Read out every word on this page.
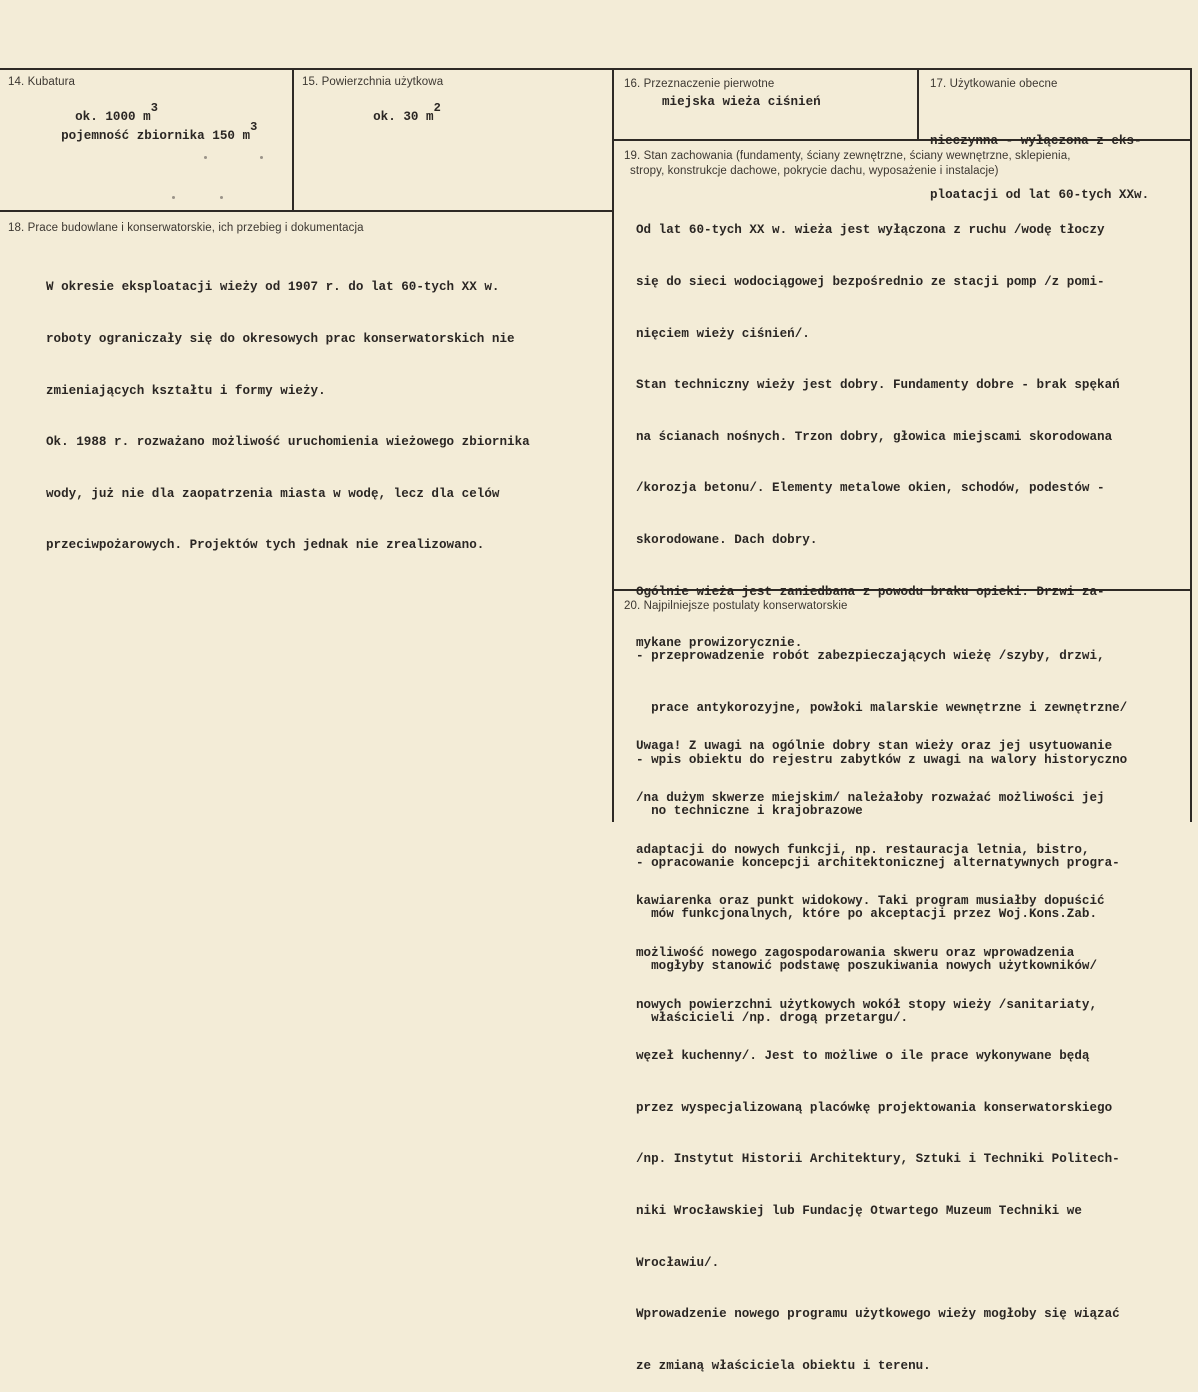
14. Kubatura

ok. 1000 m3

pojemność zbiornika 150 m3

15. Powierzchnia użytkowa

ok. 30 m2

16. Przeznaczenie pierwotne
miejska wieża ciśnień
17. Użytkowanie obecne

nieczynna - wyłączona z eks-

ploatacji od lat 60-tych XXw.

18. Prace budowlane i konserwatorskie, ich przebieg i dokumentacja

W okresie eksploatacji wieży od 1907 r. do lat 60-tych XX w.

roboty ograniczały się do okresowych prac konserwatorskich nie

zmieniających kształtu i formy wieży.

Ok. 1988 r. rozważano możliwość uruchomienia wieżowego zbiornika

wody, już nie dla zaopatrzenia miasta w wodę, lecz dla celów

przeciwpożarowych. Projektów tych jednak nie zrealizowano.

19. Stan zachowania (fundamenty, ściany zewnętrzne, ściany wewnętrzne, sklepienia,
stropy, konstrukcje dachowe, pokrycie dachu, wyposażenie i instalacje)

Od lat 60-tych XX w. wieża jest wyłączona z ruchu /wodę tłoczy

się do sieci wodociągowej bezpośrednio ze stacji pomp /z pomi-

nięciem wieży ciśnień/.

Stan techniczny wieży jest dobry. Fundamenty dobre - brak spękań

na ścianach nośnych. Trzon dobry, głowica miejscami skorodowana

/korozja betonu/. Elementy metalowe okien, schodów, podestów -

skorodowane. Dach dobry.

Ogólnie wieża jest zaniedbana z powodu braku opieki. Drzwi za-

mykane prowizorycznie.

Uwaga! Z uwagi na ogólnie dobry stan wieży oraz jej usytuowanie

/na dużym skwerze miejskim/ należałoby rozważać możliwości jej

adaptacji do nowych funkcji, np. restauracja letnia, bistro,

kawiarenka oraz punkt widokowy. Taki program musiałby dopuścić

możliwość nowego zagospodarowania skweru oraz wprowadzenia

nowych powierzchni użytkowych wokół stopy wieży /sanitariaty,

węzeł kuchenny/. Jest to możliwe o ile prace wykonywane będą

przez wyspecjalizowaną placówkę projektowania konserwatorskiego

/np. Instytut Historii Architektury, Sztuki i Techniki Politech-

niki Wrocławskiej lub Fundację Otwartego Muzeum Techniki we

Wrocławiu/.

Wprowadzenie nowego programu użytkowego wieży mogłoby się wiązać

ze zmianą właściciela obiektu i terenu.

20. Najpilniejsze postulaty konserwatorskie

- przeprowadzenie robót zabezpieczających wieżę /szyby, drzwi,

prace antykorozyjne, powłoki malarskie wewnętrzne i zewnętrzne/

- wpis obiektu do rejestru zabytków z uwagi na walory historyczno

no techniczne i krajobrazowe

- opracowanie koncepcji architektonicznej alternatywnych progra-

mów funkcjonalnych, które po akceptacji przez Woj.Kons.Zab.

mogłyby stanowić podstawę poszukiwania nowych użytkowników/

właścicieli /np. drogą przetargu/.
